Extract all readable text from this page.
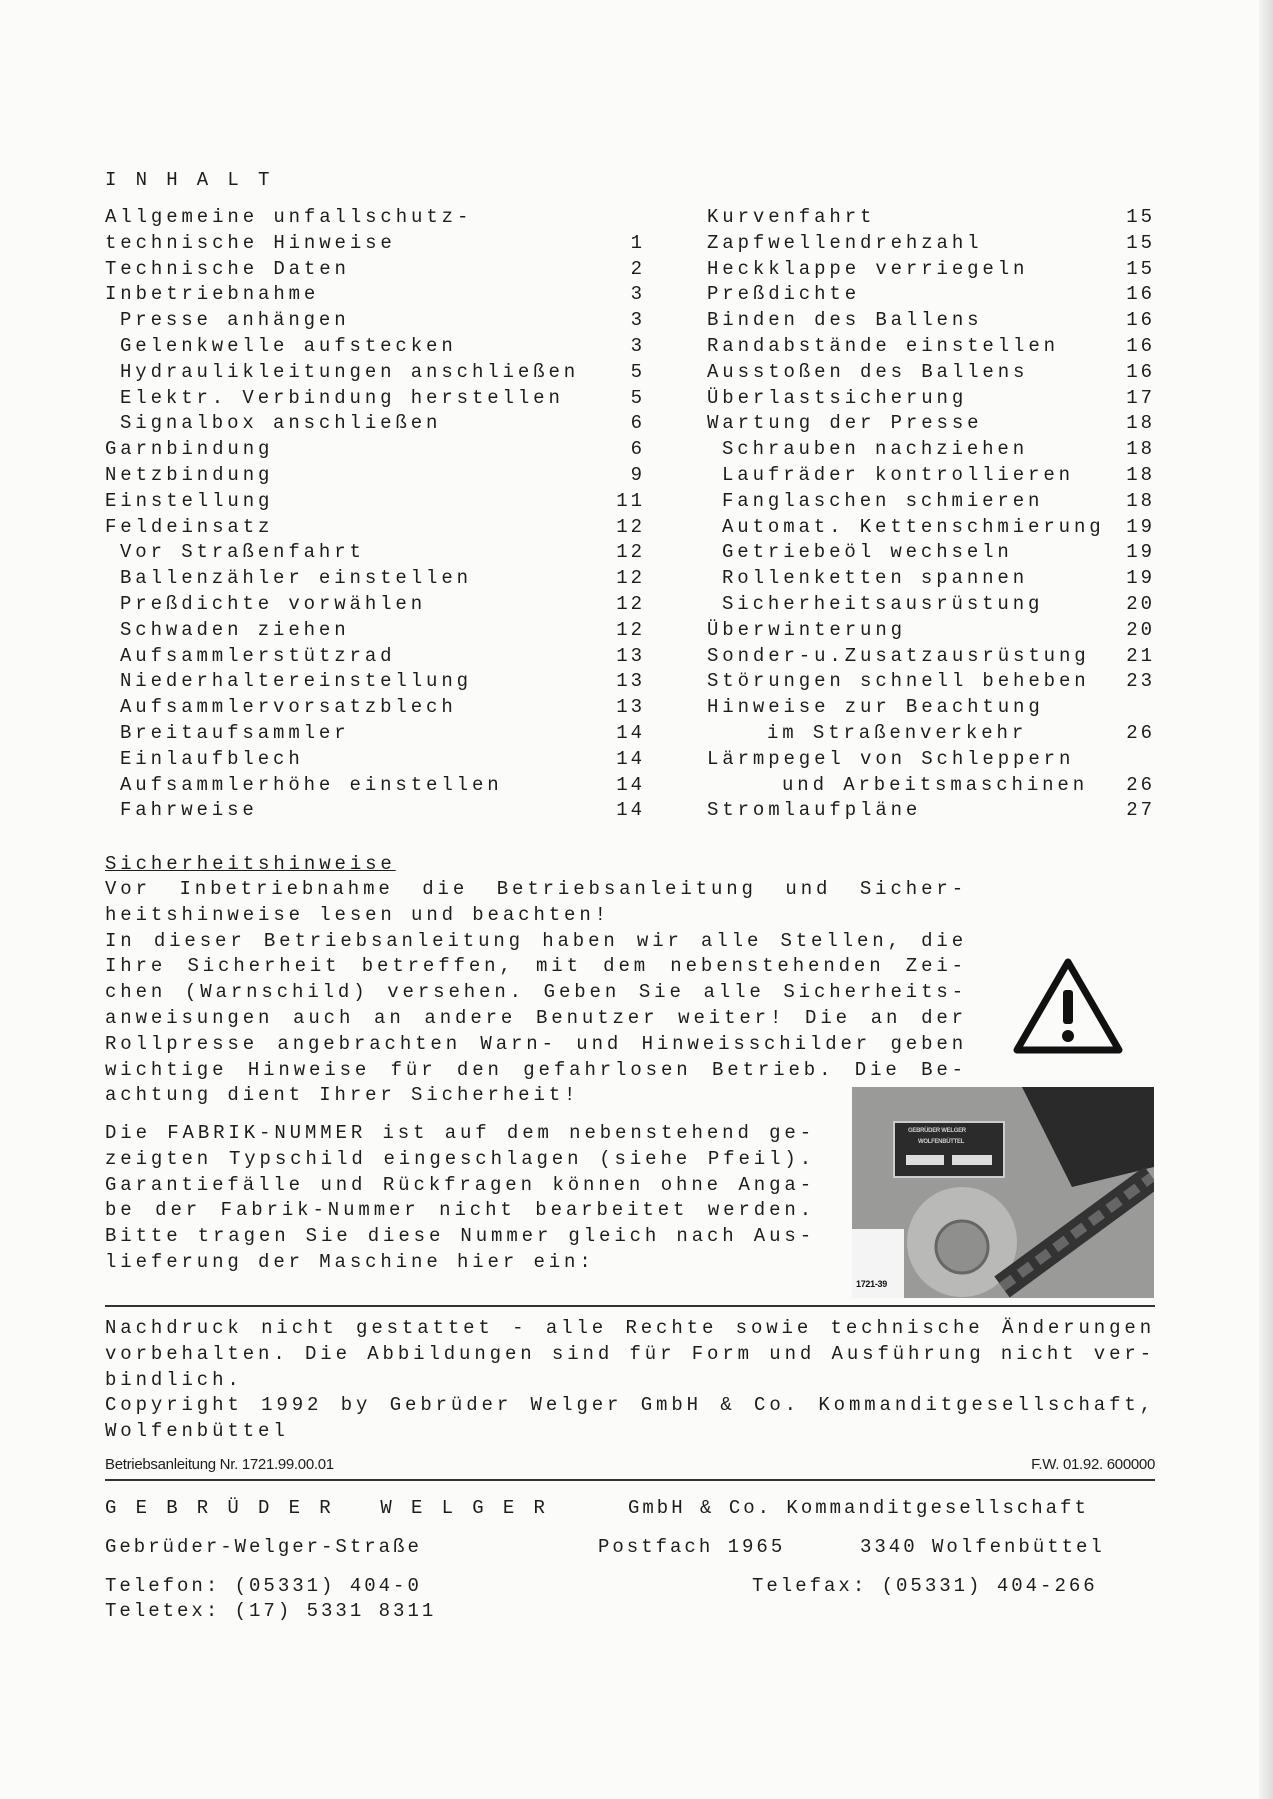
I N H A L T
Allgemeine unfallschutz-
technische Hinweise	1
Technische Daten	2
Inbetriebnahme	3
Presse anhängen	3
Gelenkwelle aufstecken	3
Hydraulikleitungen anschließen	5
Elektr. Verbindung herstellen	5
Signalbox anschließen	6
Garnbindung	6
Netzbindung	9
Einstellung	11
Feldeinsatz	12
Vor Straßenfahrt	12
Ballenzähler einstellen	12
Preßdichte vorwählen	12
Schwaden ziehen	12
Aufsammlerstützrad	13
Niederhaltereinstellung	13
Aufsammlervorsatzblech	13
Breitaufsammler	14
Einlaufblech	14
Aufsammlerhöhe einstellen	14
Fahrweise	14
Kurvenfahrt	15
Zapfwellendrehzahl	15
Heckklappe verriegeln	15
Preßdichte	16
Binden des Ballens	16
Randabstände einstellen	16
Ausstoßen des Ballens	16
Überlastsicherung	17
Wartung der Presse	18
Schrauben nachziehen	18
Laufräder kontrollieren	18
Fanglaschen schmieren	18
Automat. Kettenschmierung	19
Getriebeöl wechseln	19
Rollenketten spannen	19
Sicherheitsausrüstung	20
Überwinterung	20
Sonder-u.Zusatzausrüstung	21
Störungen schnell beheben	23
Hinweise zur Beachtung
im Straßenverkehr	26
Lärmpegel von Schleppern
und Arbeitsmaschinen	26
Stromlaufpläne	27
Sicherheitshinweise
Vor Inbetriebnahme die Betriebsanleitung und Sicher-
heitshinweise lesen und beachten!
In dieser Betriebsanleitung haben wir alle Stellen, die
Ihre Sicherheit betreffen, mit dem nebenstehenden Zei-
chen (Warnschild) versehen. Geben Sie alle Sicherheits-
anweisungen auch an andere Benutzer weiter! Die an der
Rollpresse angebrachten Warn- und Hinweisschilder geben
wichtige Hinweise für den gefahrlosen Betrieb. Die Be-
achtung dient Ihrer Sicherheit!
Die FABRIK-NUMMER ist auf dem nebenstehend ge-
zeigten Typschild eingeschlagen (siehe Pfeil).
Garantiefälle und Rückfragen können ohne Anga-
be der Fabrik-Nummer nicht bearbeitet werden.
Bitte tragen Sie diese Nummer gleich nach Aus-
lieferung der Maschine hier ein:
GEBRÜDER WELGER
WOLFENBÜTTEL
1721-39
Nachdruck nicht gestattet - alle Rechte sowie technische Änderungen
vorbehalten. Die Abbildungen sind für Form und Ausführung nicht ver-
bindlich.
Copyright 1992 by Gebrüder Welger GmbH & Co. Kommanditgesellschaft,
Wolfenbüttel
Betriebsanleitung Nr. 1721.99.00.01	F.W. 01.92. 600000
G E B R Ü D E R   W E L G E R	GmbH & Co. Kommanditgesellschaft
Gebrüder-Welger-Straße	Postfach 1965	3340 Wolfenbüttel
Telefon: (05331) 404-0	Telefax: (05331) 404-266
Teletex: (17) 5331 8311
